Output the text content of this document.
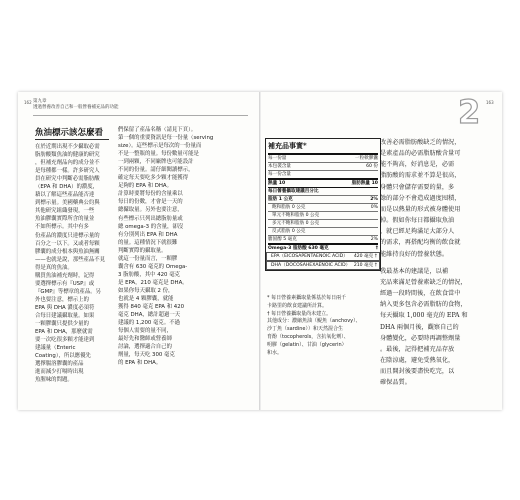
162 第九章
透過營養改善自己和一般營養補充品的功能
163
2
魚油標示該怎麼看
在於近期出現不少攝取必需
脂肪酸類魚油的健康的研究
，但補充劑品內的成分並不
是每種都一樣。許多研究人
員在研究中判斷必需脂肪酸
（EPA 和 DHA）的濃度，
藉以了解這些產品能否達
到標示量。美國藥典公約與
其他研究組織發現，一些
魚油膠囊實際所含的量並
不如所標示。其中有多
份產品的濃度只達標示量的
百分之一以下。又或者每顆
膠囊的成分根本與魚油無關
——也就是說，那些產品不見
得是真的魚油。
購買魚油補充劑時，記得
要選擇標示有『USP』或
『GMP』等標章的產品。另
外也要注意，標示上的
EPA 與 DHA 濃度必須符
合每日建議攝取量。如果
一顆膠囊只提供少量的
EPA 和 DHA，那麼就需
要一次吃很多顆才能達到
建議量（Enteric
Coating），所以應優先
選擇腸溶膠囊的產品
進而減少打嗝時出現
魚腥味的問題。
們保留了產品名稱（請見下頁）。
第一個的重要資訊是每一份量（serving
size）。這些標示是每次的一份量而
不是一整瓶的量。每份數量可能是
一到兩顆，不同廠牌也可能設計
不同的份量。請仔細閱讀標示，
確定每天要吃多少顆才能獲得
足夠的 EPA 和 DHA。
計算時要將每份的含量乘以
每日的份數，才會是一天的
總攝取量。另外也要注意，
有些標示只列出總脂肪量或
總 omega-3 的含量，卻沒
有分別列出 EPA 和 DHA
的量。這種情況下就很難
判斷實際的攝取量。
就這一份量而言，一顆膠
囊含有 630 毫克的 Omega-
3 脂肪酸，其中 420 毫克
是 EPA，210 毫克是 DHA。
如果你每天攝取 2 份，
也就是 4 顆膠囊，就能
獲得 840 毫克 EPA 和 420
毫克 DHA，總計超過一天
建議的 1,200 毫克。不過
每個人需要的量不同，
最好先和醫師或營養師
討論，選擇適合自己的
劑量，每天吃 300 毫克
的 EPA 和 DHA。
補充品事實*
每一份量	一粒軟膠囊
本包裝含量	60 份
每一份含量
熱量 10	脂肪熱量 10
每日營養攝取建議百分比
脂肪 1 公克	2%
飽和脂肪 0 公克	0%
單元不飽和脂肪 0 公克
多元不飽和脂肪 0 公克
反式脂肪 0 公克
膽固醇 5 毫克	2%
Omega-3 脂肪酸 630 毫克	†
EPA（EICOSAPENTAENOIC ACID） 420 毫克 †
DHA（DOCOSAHEXAENOIC ACID） 210 毫克 †
* 每日營養素攝取量係基於每日兩千
卡路里的飲食建議所計算。
† 每日營養攝取量尚未建立。
其他成分：濃縮魚油（鯷魚（anchovy）、
沙丁魚（sardine））和天然混合生
育酚（tocopherols，含抗氧化劑）、
明膠（gelatin）、甘油（glycerin）
和水。
改善必需脂肪酸缺乏的情況，
是素產品的必需脂肪酸含量可
能不夠高，好消息是，必需
脂肪酸的需求並不算是很高，
身體只會儲存需要的量，多
餘的部分不會造成過度囤積，
而是以熱量的形式被身體使用
掉。假如你每日都攝取魚油
，就已經足夠滿足大部分人
的需求，再搭配均衡的飲食就
能維持良好的營養狀態。
我最基本的建議是，以補
充品來滿足營養素缺乏的情況，
經過一段時間後，在飲食當中
納入更多包含必需脂肪的食物，
每天攝取 1,000 毫克的 EPA 和
DHA 兩個月後，觀察自己的
身體變化，必要時再調整劑量
。最後，記得把補充品存放
在陰涼處，避免受熱氧化，
而且開封後要盡快吃完，以
確保品質。
